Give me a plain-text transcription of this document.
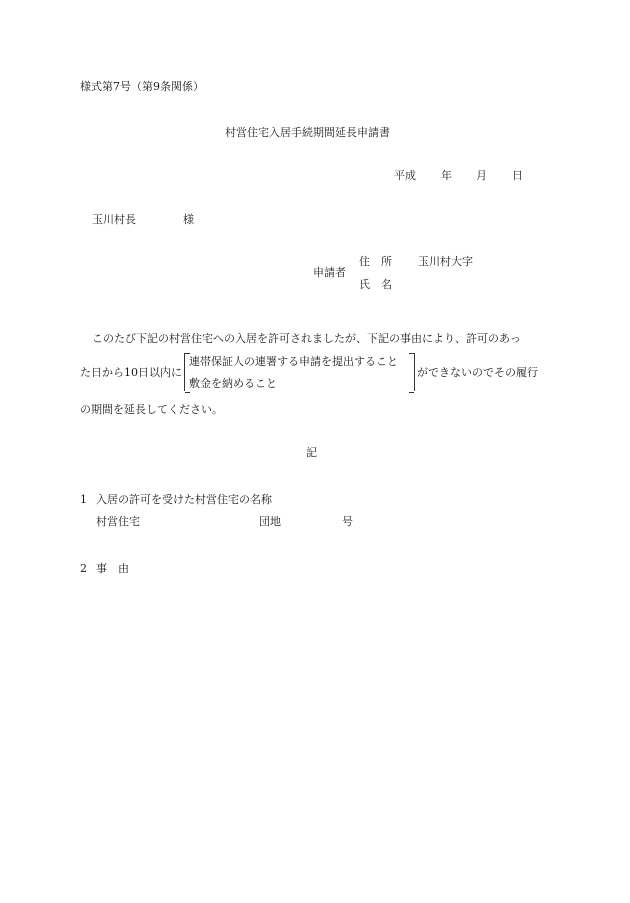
様式第7号（第9条関係）
村営住宅入居手続期間延長申請書
平成 年 月 日
玉川村長	様
申請者
住　所 玉川村大字
氏　名
このたび下記の村営住宅への入居を許可されましたが、下記の事由により、許可のあっ
た日から10日以内に
連帯保証人の連署する申請を提出すること
敷金を納めること
ができないのでその履行
の期間を延長してください。
記
1 入居の許可を受けた村営住宅の名称
村営住宅	団地	号
2 事　由
